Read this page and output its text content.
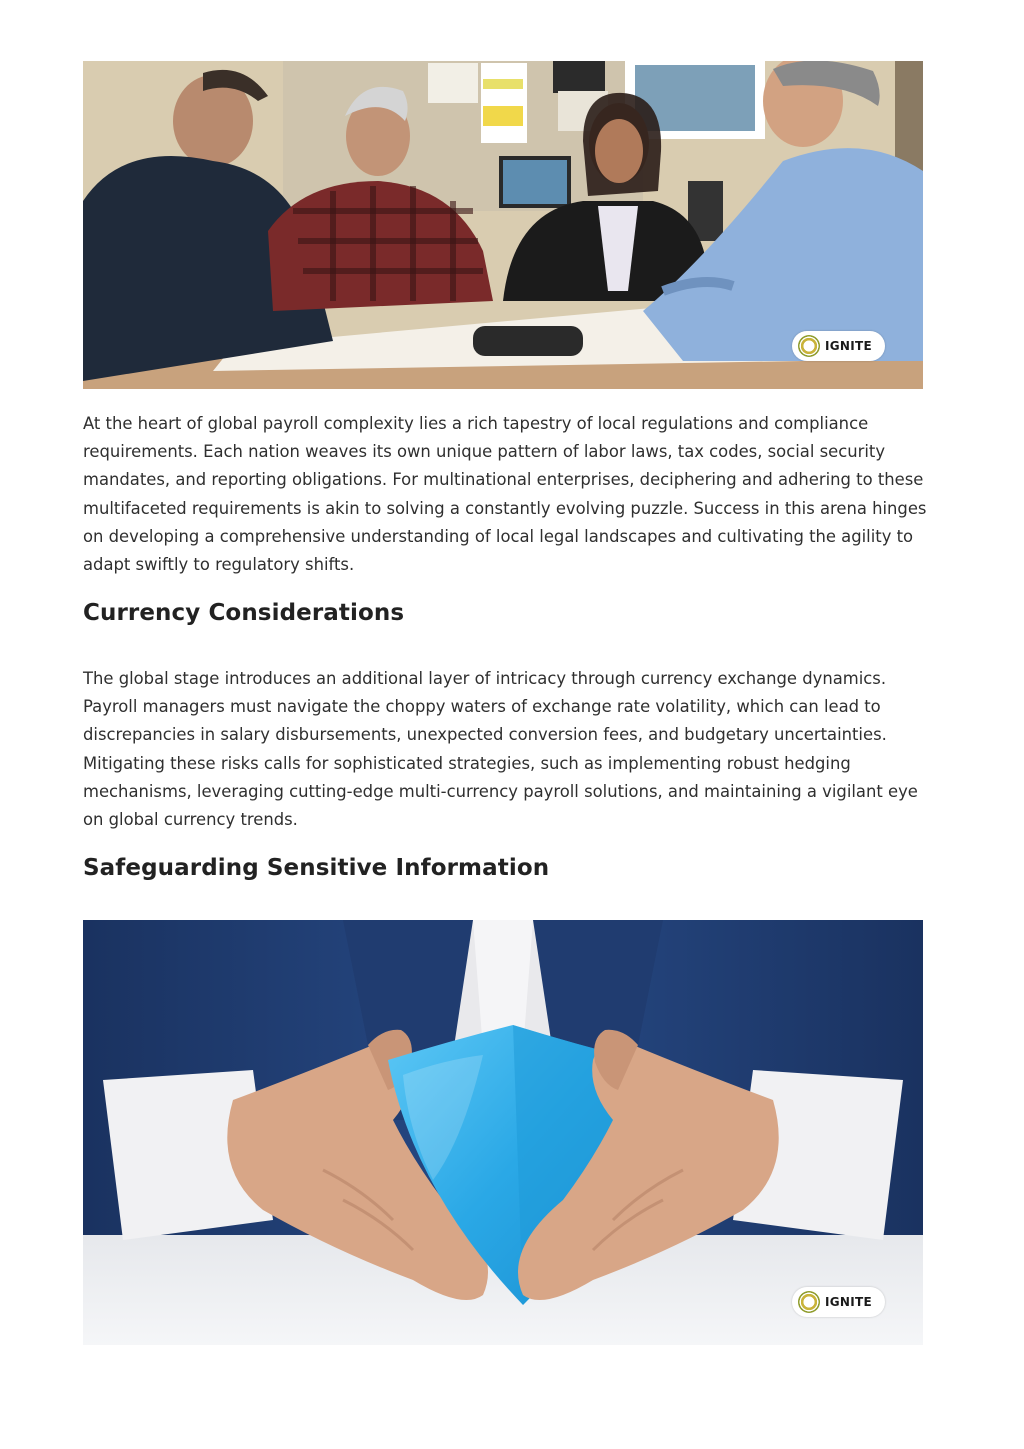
IGNITE

At the heart of global payroll complexity lies a rich tapestry of local regulations and compliance requirements. Each nation weaves its own unique pattern of labor laws, tax codes, social security mandates, and reporting obligations. For multinational enterprises, deciphering and adhering to these multifaceted requirements is akin to solving a constantly evolving puzzle. Success in this arena hinges on developing a comprehensive understanding of local legal landscapes and cultivating the agility to adapt swiftly to regulatory shifts.

Currency Considerations

The global stage introduces an additional layer of intricacy through currency exchange dynamics. Payroll managers must navigate the choppy waters of exchange rate volatility, which can lead to discrepancies in salary disbursements, unexpected conversion fees, and budgetary uncertainties. Mitigating these risks calls for sophisticated strategies, such as implementing robust hedging mechanisms, leveraging cutting-edge multi-currency payroll solutions, and maintaining a vigilant eye on global currency trends.

Safeguarding Sensitive Information
IGNITE
